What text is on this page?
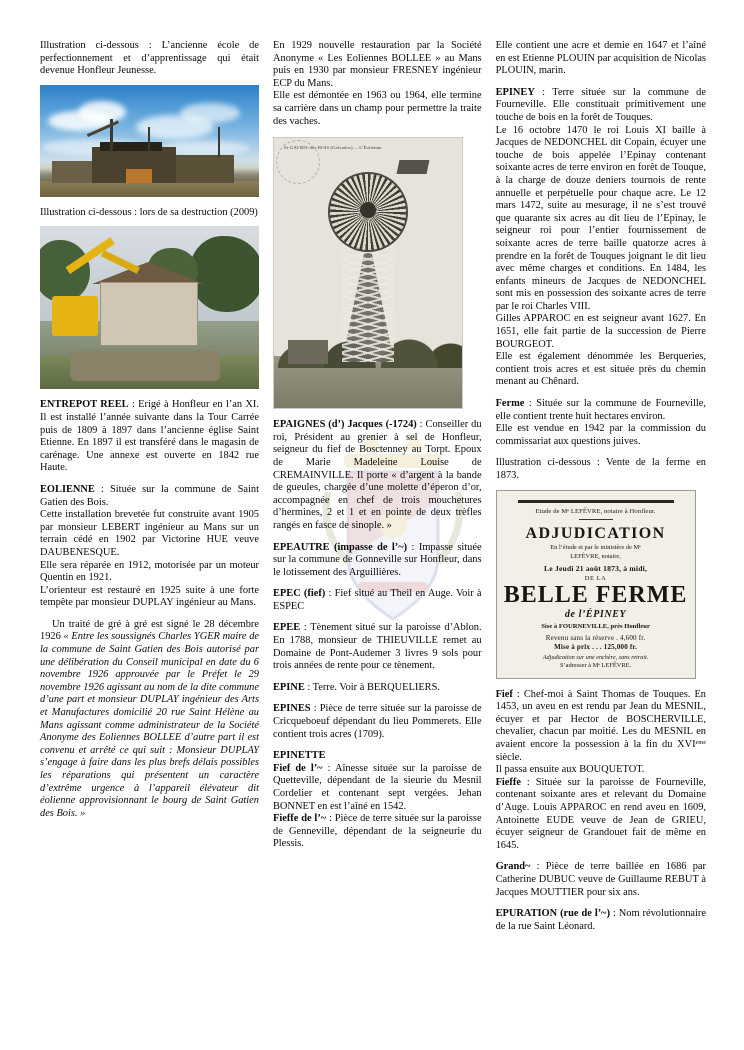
Illustration ci-dessous : L’ancienne école de perfectionnement et d’apprentissage qui était devenue Honfleur Jeunesse.

Illustration ci-dessous : lors de sa destruction (2009)

ENTREPOT REEL : Erigé à Honfleur en l’an XI. Il est installé l’année suivante dans la Tour Carrée puis de 1809 à 1897 dans l’ancienne église Saint Etienne. En 1897 il est transféré dans le magasin de carénage. Une annexe est ouverte en 1842 rue Haute.

EOLIENNE : Située sur la commune de Saint Gatien des Bois.

Cette installation brevetée fut construite avant 1905 par monsieur LEBERT ingénieur au Mans sur un terrain cédé en 1902 par Victorine HUE veuve DAUBENESQUE.

Elle sera réparée en 1912, motorisée par un moteur Quentin en 1921.

L’orienteur est restauré en 1925 suite à une forte tempête par monsieur DUPLAY ingénieur au Mans.

Un traité de gré à gré est signé le 28 décembre 1926 « Entre les soussignés Charles YGER maire de la commune de Saint Gatien des Bois autorisé par une délibération du Conseil municipal en date du 6 novembre 1926 approuvée par le Préfet le 29 novembre 1926 agissant au nom de la dite commune d’une part et monsieur DUPLAY ingénieur des Arts et Manufactures domicilié 20 rue Saint Hélène au Mans agissant comme administrateur de la Société Anonyme des Eoliennes BOLLEE d’autre part il est convenu et arrêté ce qui suit : Monsieur DUPLAY s’engage à faire dans les plus brefs délais possibles les réparations qui présentent un caractère d’extrême urgence à l’appareil élévateur dit éolienne approvisionnant le bourg de Saint Gatien des Bois. »

En 1929 nouvelle restauration par la Société Anonyme « Les Eoliennes BOLLEE » au Mans puis en 1930 par monsieur FRESNEY ingénieur ECP du Mans.

Elle est démontée en 1963 ou 1964, elle termine sa carrière dans un champ pour permettre la traite des vaches.

St-GATIEN-des-BOIS (Calvados). – L’Éolienne

EPAIGNES (d’) Jacques (-1724) : Conseiller du roi, Président au grenier à sel de Honfleur, seigneur du fief de Bosctenney au Torpt. Epoux de Marie Madeleine Louise de CREMAINVILLE. Il porte « d’argent à la bande de gueules, chargée d’une molette d’éperon d’or, accompagnée en chef de trois mouchetures d’hermines, 2 et 1 et en pointe de deux trèfles rangés en fasce de sinople. »

EPEAUTRE (impasse de l’~) : Impasse située sur la commune de Gonneville sur Honfleur, dans le lotissement des Arguillières.

EPEC (fief) : Fief situé au Theil en Auge. Voir à ESPEC

EPEE : Tènement situé sur la paroisse d’Ablon. En 1788, monsieur de THIEUVILLE remet au Domaine de Pont-Audemer 3 livres 9 sols pour trois années de rente pour ce tènement.

EPINE : Terre. Voir à BERQUELIERS.

EPINES : Pièce de terre située sur la paroisse de Cricqueboeuf dépendant du lieu Pommerets. Elle contient trois acres (1709).

EPINETTE

Fief de l’~ : Aînesse située sur la paroisse de Quetteville, dépendant de la sieurie du Mesnil Cordelier et contenant sept vergées. Jehan BONNET en est l’aîné en 1542.

Fieffe de l’~ : Pièce de terre située sur la paroisse de Genneville, dépendant de la seigneurie du Plessis.

Elle contient une acre et demie en 1647 et l’aîné en est Etienne PLOUIN par acquisition de Nicolas PLOUIN, marin.

EPINEY : Terre située sur la commune de Fourneville. Elle constituait primitivement une touche de bois en la forêt de Touques.

Le 16 octobre 1470 le roi Louis XI baille à Jacques de NEDONCHEL dit Copain, écuyer une touche de bois appelée l’Epinay contenant soixante acres de terre environ en forêt de Touque, à la charge de douze deniers tournois de rente annuelle et perpétuelle pour chaque acre. Le 12 mars 1472, suite au mesurage, il ne s’est trouvé que quarante six acres au dit lieu de l’Epinay, le seigneur roi pour l’entier fournissement de soixante acres de terre baille quatorze acres à prendre en la forêt de Touques joignant le dit lieu avec même charges et conditions. En 1484, les enfants mineurs de Jacques de NEDONCHEL sont mis en possession des soixante acres de terre par le roi Charles VIII.

Gilles APPAROC en est seigneur avant 1627. En 1651, elle fait partie de la succession de Pierre BOURGEOT.

Elle est également dénommée les Berqueries, contient trois acres et est située près du chemin menant au Chênard.

Ferme : Située sur la commune de Fourneville, elle contient trente huit hectares environ.

Elle est vendue en 1942 par la commission du commissariat aux questions juives.

Illustration ci-dessous : Vente de la ferme en 1873.

Etude de Mᵉ LEFÊVRE, notaire à Honfleur.
ADJUDICATION
En l’étude et par le ministère de Mᵉ
LEFÈVRE, notaire,
Le Jeudi 21 août 1873, à midi,
DE LA
BELLE FERME
de l’ÉPINEY
Sise à FOURNEVILLE, près Honfleur
Revenu sans la réserve . 4,600 fr.
Mise à prix . . . 125,000 fr.
Adjudication sur une enchère, sans retrait.
S’adresser à Mᵉ LEFÊVRE.

Fief : Chef-moi à Saint Thomas de Touques. En 1453, un aveu en est rendu par Jean du MESNIL, écuyer et par Hector de BOSCHERVILLE, chevalier, chacun par moitié. Les du MESNIL en avaient encore la possession à la fin du XVIᵉᵐᵉ siècle.

Il passa ensuite aux BOUQUETOT.

Fieffe : Située sur la paroisse de Fourneville, contenant soixante ares et relevant du Domaine d’Auge. Louis APPAROC en rend aveu en 1609, Antoinette EUDE veuve de Jean de GRIEU, écuyer seigneur de Grandouet fait de même en 1645.

Grand~ : Pièce de terre baillée en 1686 par Catherine DUBUC veuve de Guillaume REBUT à Jacques MOUTTIER pour six ans.

EPURATION (rue de l’~) : Nom révolutionnaire de la rue Saint Léonard.
